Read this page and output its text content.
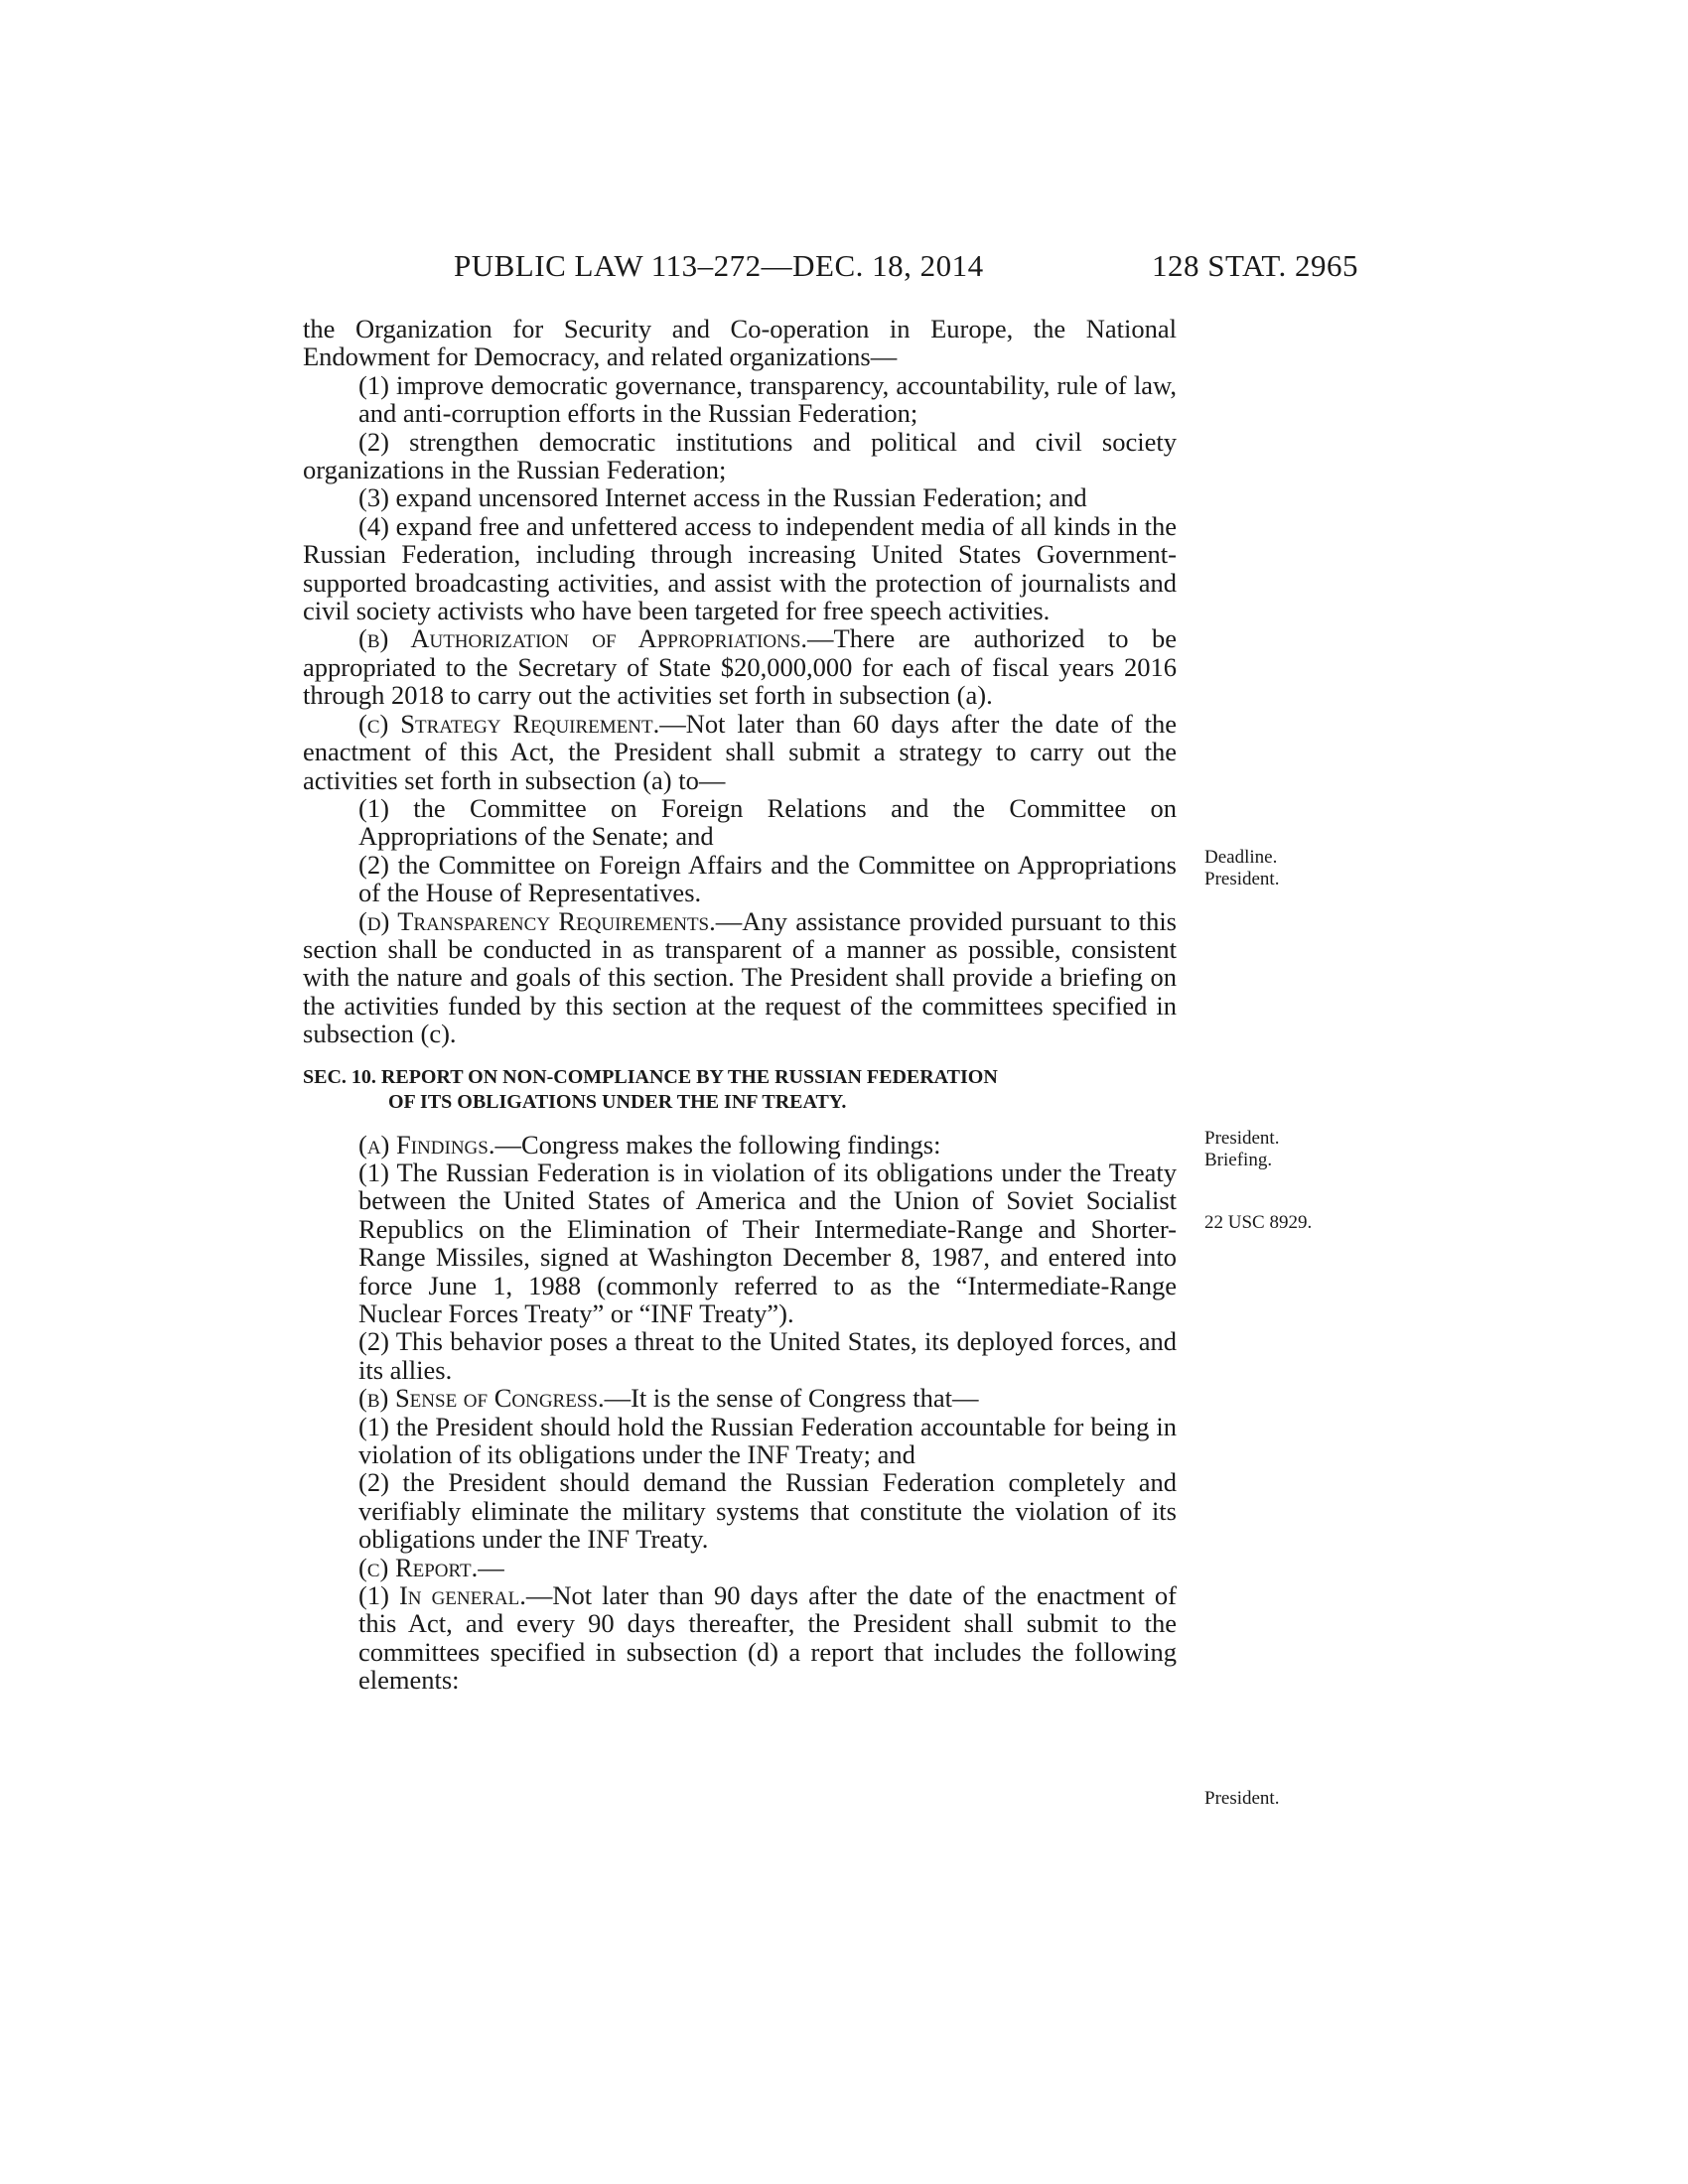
PUBLIC LAW 113–272—DEC. 18, 2014	128 STAT. 2965

the Organization for Security and Co-operation in Europe, the National Endowment for Democracy, and related organizations—

(1) improve democratic governance, transparency, accountability, rule of law, and anti-corruption efforts in the Russian Federation;

(2) strengthen democratic institutions and political and civil society organizations in the Russian Federation;

(3) expand uncensored Internet access in the Russian Federation; and

(4) expand free and unfettered access to independent media of all kinds in the Russian Federation, including through increasing United States Government-supported broadcasting activities, and assist with the protection of journalists and civil society activists who have been targeted for free speech activities.

(b) Authorization of Appropriations.—There are authorized to be appropriated to the Secretary of State $20,000,000 for each of fiscal years 2016 through 2018 to carry out the activities set forth in subsection (a).

(c) Strategy Requirement.—Not later than 60 days after the date of the enactment of this Act, the President shall submit a strategy to carry out the activities set forth in subsection (a) to—

(1) the Committee on Foreign Relations and the Committee on Appropriations of the Senate; and

(2) the Committee on Foreign Affairs and the Committee on Appropriations of the House of Representatives.

(d) Transparency Requirements.—Any assistance provided pursuant to this section shall be conducted in as transparent of a manner as possible, consistent with the nature and goals of this section. The President shall provide a briefing on the activities funded by this section at the request of the committees specified in subsection (c).

SEC. 10. REPORT ON NON-COMPLIANCE BY THE RUSSIAN FEDERATION
OF ITS OBLIGATIONS UNDER THE INF TREATY.

(a) Findings.—Congress makes the following findings:

(1) The Russian Federation is in violation of its obligations under the Treaty between the United States of America and the Union of Soviet Socialist Republics on the Elimination of Their Intermediate-Range and Shorter-Range Missiles, signed at Washington December 8, 1987, and entered into force June 1, 1988 (commonly referred to as the “Intermediate-Range Nuclear Forces Treaty” or “INF Treaty”).

(2) This behavior poses a threat to the United States, its deployed forces, and its allies.

(b) Sense of Congress.—It is the sense of Congress that—

(1) the President should hold the Russian Federation accountable for being in violation of its obligations under the INF Treaty; and

(2) the President should demand the Russian Federation completely and verifiably eliminate the military systems that constitute the violation of its obligations under the INF Treaty.

(c) Report.—

(1) In general.—Not later than 90 days after the date of the enactment of this Act, and every 90 days thereafter, the President shall submit to the committees specified in subsection (d) a report that includes the following elements:

Deadline.
President.
President.
Briefing.
22 USC 8929.
President.
